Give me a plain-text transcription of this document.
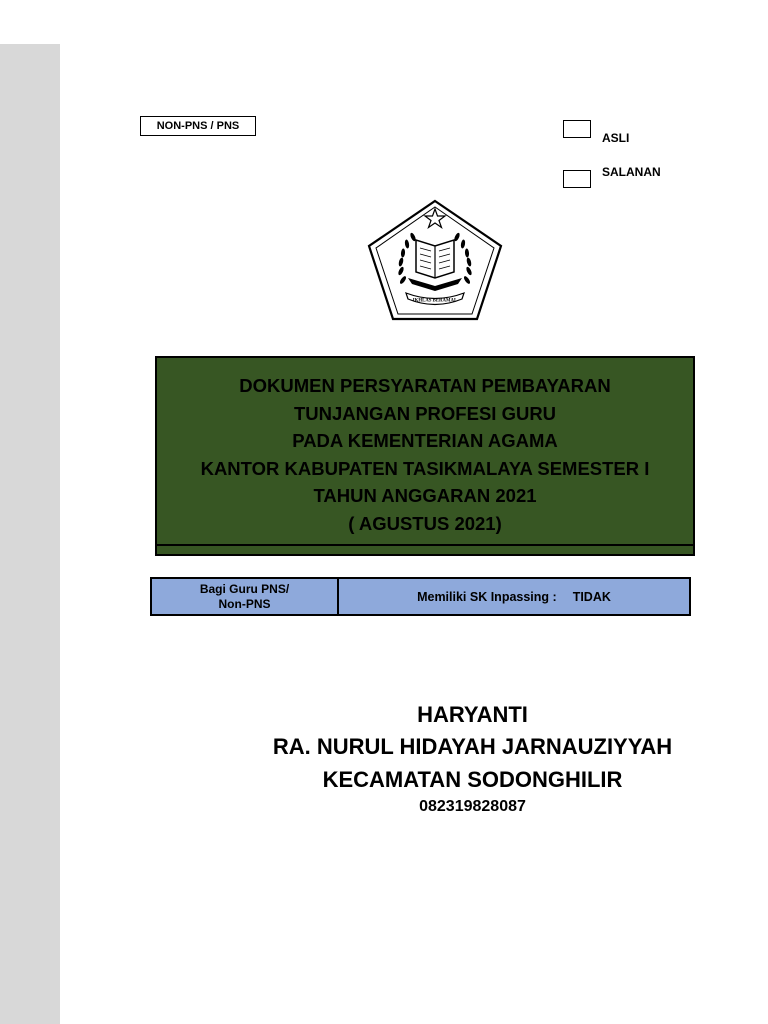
NON-PNS / PNS
ASLI
SALANAN
IKHLAS BERAMAL
DOKUMEN PERSYARATAN PEMBAYARAN
TUNJANGAN PROFESI GURU
PADA KEMENTERIAN AGAMA
KANTOR KABUPATEN TASIKMALAYA SEMESTER I
TAHUN ANGGARAN 2021
( AGUSTUS 2021)
Bagi Guru PNS/
Non-PNS	Memiliki SK Inpassing : TIDAK
HARYANTI
RA. NURUL HIDAYAH JARNAUZIYYAH
KECAMATAN SODONGHILIR
082319828087
